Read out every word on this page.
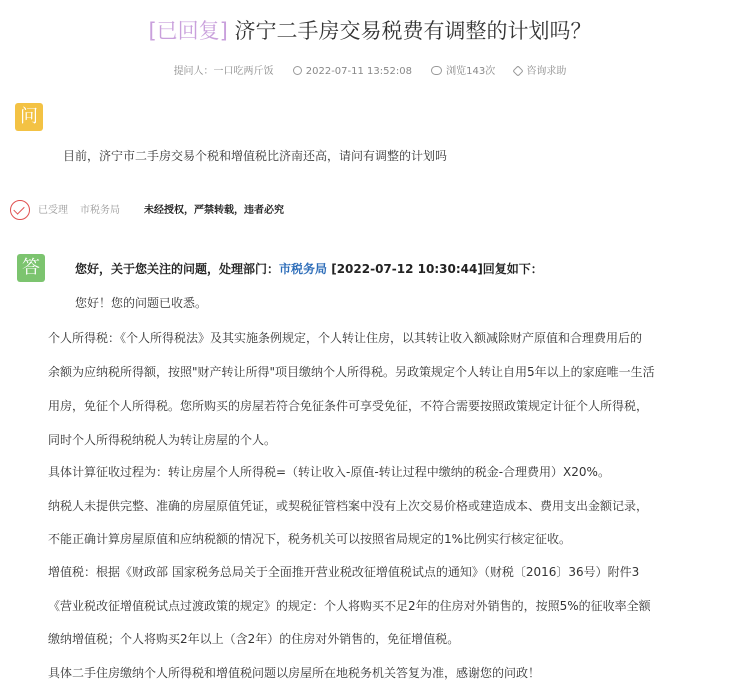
[已回复] 济宁二手房交易税费有调整的计划吗？
提问人：一口吃两斤饭	2022-07-11 13:52:08	浏览143次	咨询求助
问
目前，济宁市二手房交易个税和增值税比济南还高，请问有调整的计划吗
已受理 市税务局 未经授权，严禁转载，违者必究
答	您好，关于您关注的问题，处理部门：市税务局 [2022-07-12 10:30:44]回复如下：
您好！您的问题已收悉。
个人所得税：《个人所得税法》及其实施条例规定，个人转让住房，以其转让收入额减除财产原值和合理费用后的
余额为应纳税所得额，按照"财产转让所得"项目缴纳个人所得税。另政策规定个人转让自用5年以上的家庭唯一生活
用房，免征个人所得税。您所购买的房屋若符合免征条件可享受免征，不符合需要按照政策规定计征个人所得税，
同时个人所得税纳税人为转让房屋的个人。
具体计算征收过程为：转让房屋个人所得税=（转让收入-原值-转让过程中缴纳的税金-合理费用）X20%。
纳税人未提供完整、准确的房屋原值凭证，或契税征管档案中没有上次交易价格或建造成本、费用支出金额记录，
不能正确计算房屋原值和应纳税额的情况下，税务机关可以按照省局规定的1%比例实行核定征收。
增值税：根据《财政部 国家税务总局关于全面推开营业税改征增值税试点的通知》（财税〔2016〕36号）附件3
《营业税改征增值税试点过渡政策的规定》的规定：个人将购买不足2年的住房对外销售的，按照5%的征收率全额
缴纳增值税；个人将购买2年以上（含2年）的住房对外销售的，免征增值税。
具体二手住房缴纳个人所得税和增值税问题以房屋所在地税务机关答复为准，感谢您的问政！
